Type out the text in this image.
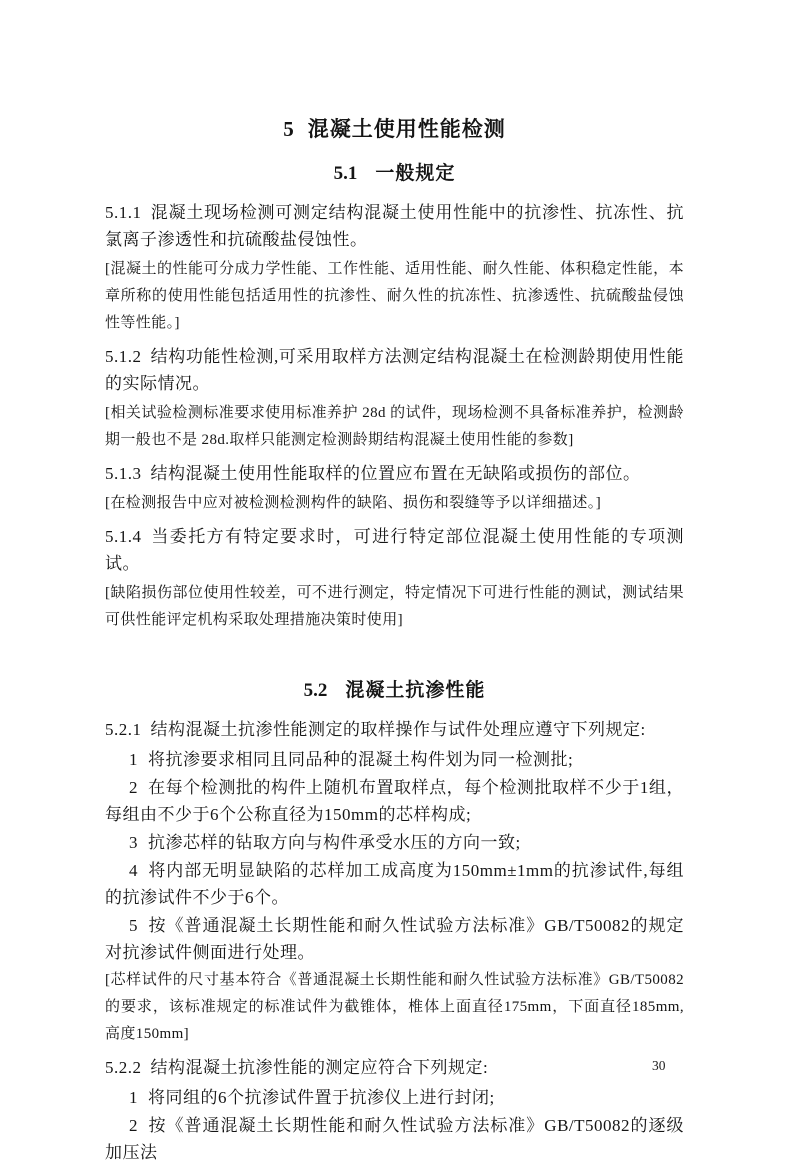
5 混凝土使用性能检测
5.1 一般规定

5.1.1 混凝土现场检测可测定结构混凝土使用性能中的抗渗性、抗冻性、抗氯离子渗透性和抗硫酸盐侵蚀性。

[混凝土的性能可分成力学性能、工作性能、适用性能、耐久性能、体积稳定性能，本章所称的使用性能包括适用性的抗渗性、耐久性的抗冻性、抗渗透性、抗硫酸盐侵蚀性等性能。]

5.1.2 结构功能性检测,可采用取样方法测定结构混凝土在检测龄期使用性能的实际情况。

[相关试验检测标准要求使用标准养护 28d 的试件，现场检测不具备标准养护，检测龄期一般也不是 28d.取样只能测定检测龄期结构混凝土使用性能的参数]

5.1.3 结构混凝土使用性能取样的位置应布置在无缺陷或损伤的部位。

[在检测报告中应对被检测检测构件的缺陷、损伤和裂缝等予以详细描述。]

5.1.4 当委托方有特定要求时，可进行特定部位混凝土使用性能的专项测试。

[缺陷损伤部位使用性较差，可不进行测定，特定情况下可进行性能的测试，测试结果可供性能评定机构采取处理措施决策时使用]

5.2 混凝土抗渗性能

5.2.1 结构混凝土抗渗性能测定的取样操作与试件处理应遵守下列规定:

1 将抗渗要求相同且同品种的混凝土构件划为同一检测批;

2 在每个检测批的构件上随机布置取样点，每个检测批取样不少于1组，每组由不少于6个公称直径为150mm的芯样构成;

3 抗渗芯样的钻取方向与构件承受水压的方向一致;

4 将内部无明显缺陷的芯样加工成高度为150mm±1mm的抗渗试件,每组的抗渗试件不少于6个。

5 按《普通混凝土长期性能和耐久性试验方法标准》GB/T50082的规定对抗渗试件侧面进行处理。

[芯样试件的尺寸基本符合《普通混凝土长期性能和耐久性试验方法标准》GB/T50082的要求，该标准规定的标准试件为截锥体，椎体上面直径175mm，下面直径185mm, 高度150mm]

5.2.2 结构混凝土抗渗性能的测定应符合下列规定:

1 将同组的6个抗渗试件置于抗渗仪上进行封闭;

2 按《普通混凝土长期性能和耐久性试验方法标准》GB/T50082的逐级加压法

30
